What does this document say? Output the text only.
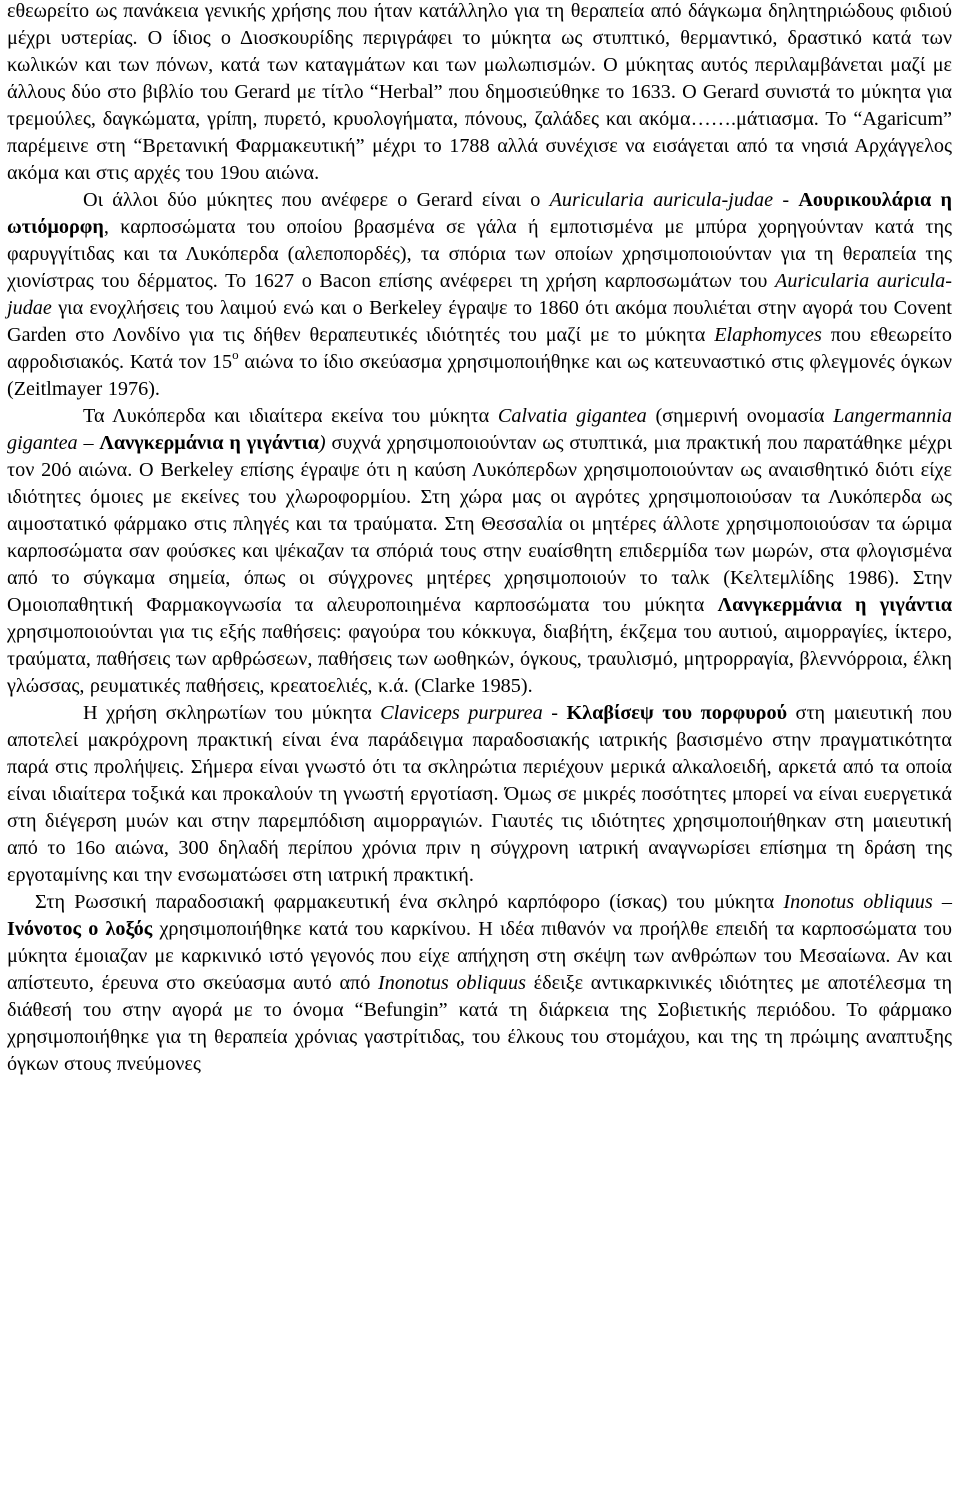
εθεωρείτο ως πανάκεια γενικής χρήσης που ήταν κατάλληλο για τη θεραπεία από δάγκωμα δηλητηριώδους φιδιού μέχρι υστερίας. Ο ίδιος ο Διοσκουρίδης περιγράφει το μύκητα ως στυπτικό, θερμαντικό, δραστικό κατά των κωλικών και των πόνων, κατά των καταγμάτων και των μωλωπισμών. Ο μύκητας αυτός περιλαμβάνεται μαζί με άλλους δύο στο βιβλίο του Gerard με τίτλο “Herbal” που δημοσιεύθηκε το 1633. Ο Gerard συνιστά το μύκητα για τρεμούλες, δαγκώματα, γρίπη, πυρετό, κρυολογήματα, πόνους, ζαλάδες και ακόμα…….μάτιασμα. Το “Agaricum” παρέμεινε στη “Βρετανική Φαρμακευτική” μέχρι το 1788 αλλά συνέχισε να εισάγεται από τα νησιά Αρχάγγελος ακόμα και στις αρχές του 19ου αιώνα.

Οι άλλοι δύο μύκητες που ανέφερε ο Gerard είναι ο Auricularia auricula-judae - Αουρικουλάρια η ωτιόμορφη, καρποσώματα του οποίου βρασμένα σε γάλα ή εμποτισμένα με μπύρα χορηγούνταν κατά της φαρυγγίτιδας και τα Λυκόπερδα (αλεποπορδές), τα σπόρια των οποίων χρησιμοποιούνταν για τη θεραπεία της χιονίστρας του δέρματος. Το 1627 ο Bacon επίσης ανέφερει τη χρήση καρποσωμάτων του Auricularia auricula-judae για ενοχλήσεις του λαιμού ενώ και ο Berkeley έγραψε το 1860 ότι ακόμα πουλιέται στην αγορά του Covent Garden στο Λονδίνο για τις δήθεν θεραπευτικές ιδιότητές του μαζί με το μύκητα Elaphomyces που εθεωρείτο αφροδισιακός. Κατά τον $15^o$ αιώνα το ίδιο σκεύασμα χρησιμοποιήθηκε και ως κατευναστικό στις φλεγμονές όγκων (Zeitlmayer 1976).

Τα Λυκόπερδα και ιδιαίτερα εκείνα του μύκητα Calvatia gigantea (σημερινή ονομασία Langermannia gigantea – Λανγκερμάνια η γιγάντια) συχνά χρησιμοποιούνταν ως στυπτικά, μια πρακτική που παρατάθηκε μέχρι τον 20ό αιώνα. Ο Berkeley επίσης έγραψε ότι η καύση Λυκόπερδων χρησιμοποιούνταν ως αναισθητικό διότι είχε ιδιότητες όμοιες με εκείνες του χλωροφορμίου. Στη χώρα μας οι αγρότες χρησιμοποιούσαν τα Λυκόπερδα ως αιμοστατικό φάρμακο στις πληγές και τα τραύματα. Στη Θεσσαλία οι μητέρες άλλοτε χρησιμοποιούσαν τα ώριμα καρποσώματα σαν φούσκες και ψέκαζαν τα σπόριά τους στην ευαίσθητη επιδερμίδα των μωρών, στα φλογισμένα από το σύγκαμα σημεία, όπως οι σύγχρονες μητέρες χρησιμοποιούν το ταλκ (Κελτεμλίδης 1986). Στην Ομοιοπαθητική Φαρμακογνωσία τα αλευροποιημένα καρποσώματα του μύκητα Λανγκερμάνια η γιγάντια χρησιμοποιούνται για τις εξής παθήσεις: φαγούρα του κόκκυγα, διαβήτη, έκζεμα του αυτιού, αιμορραγίες, ίκτερο, τραύματα, παθήσεις των αρθρώσεων, παθήσεις των ωοθηκών, όγκους, τραυλισμό, μητρορραγία, βλεννόρροια, έλκη γλώσσας, ρευματικές παθήσεις, κρεατοελιές, κ.ά. (Clarke 1985).

Η χρήση σκληρωτίων του μύκητα Claviceps purpurea - Κλαβίσεψ του πορφυρού στη μαιευτική που αποτελεί μακρόχρονη πρακτική είναι ένα παράδειγμα παραδοσιακής ιατρικής βασισμένο στην πραγματικότητα παρά στις προλήψεις. Σήμερα είναι γνωστό ότι τα σκληρώτια περιέχουν μερικά αλκαλοειδή, αρκετά από τα οποία είναι ιδιαίτερα τοξικά και προκαλούν τη γνωστή εργοτίαση. Όμως σε μικρές ποσότητες μπορεί να είναι ευεργετικά στη διέγερση μυών και στην παρεμπόδιση αιμορραγιών. Γιαυτές τις ιδιότητες χρησιμοποιήθηκαν στη μαιευτική από το 16ο αιώνα, 300 δηλαδή περίπου χρόνια πριν η σύγχρονη ιατρική αναγνωρίσει επίσημα τη δράση της εργοταμίνης και την ενσωματώσει στη ιατρική πρακτική.

Στη Ρωσσική παραδοσιακή φαρμακευτική ένα σκληρό καρπόφορο (ίσκας) του μύκητα Inonotus obliquus – Ινόνοτος ο λοξός χρησιμοποιήθηκε κατά του καρκίνου. Η ιδέα πιθανόν να προήλθε επειδή τα καρποσώματα του μύκητα έμοιαζαν με καρκινικό ιστό γεγονός που είχε απήχηση στη σκέψη των ανθρώπων του Μεσαίωνα. Αν και απίστευτο, έρευνα στο σκεύασμα αυτό από Inonotus obliquus έδειξε αντικαρκινικές ιδιότητες με αποτέλεσμα τη διάθεσή του στην αγορά με το όνομα “Befungin” κατά τη διάρκεια της Σοβιετικής περιόδου. Το φάρμακο χρησιμοποιήθηκε για τη θεραπεία χρόνιας γαστρίτιδας, του έλκους του στομάχου, και της τη πρώιμης αναπτυξης όγκων στους πνεύμονες
